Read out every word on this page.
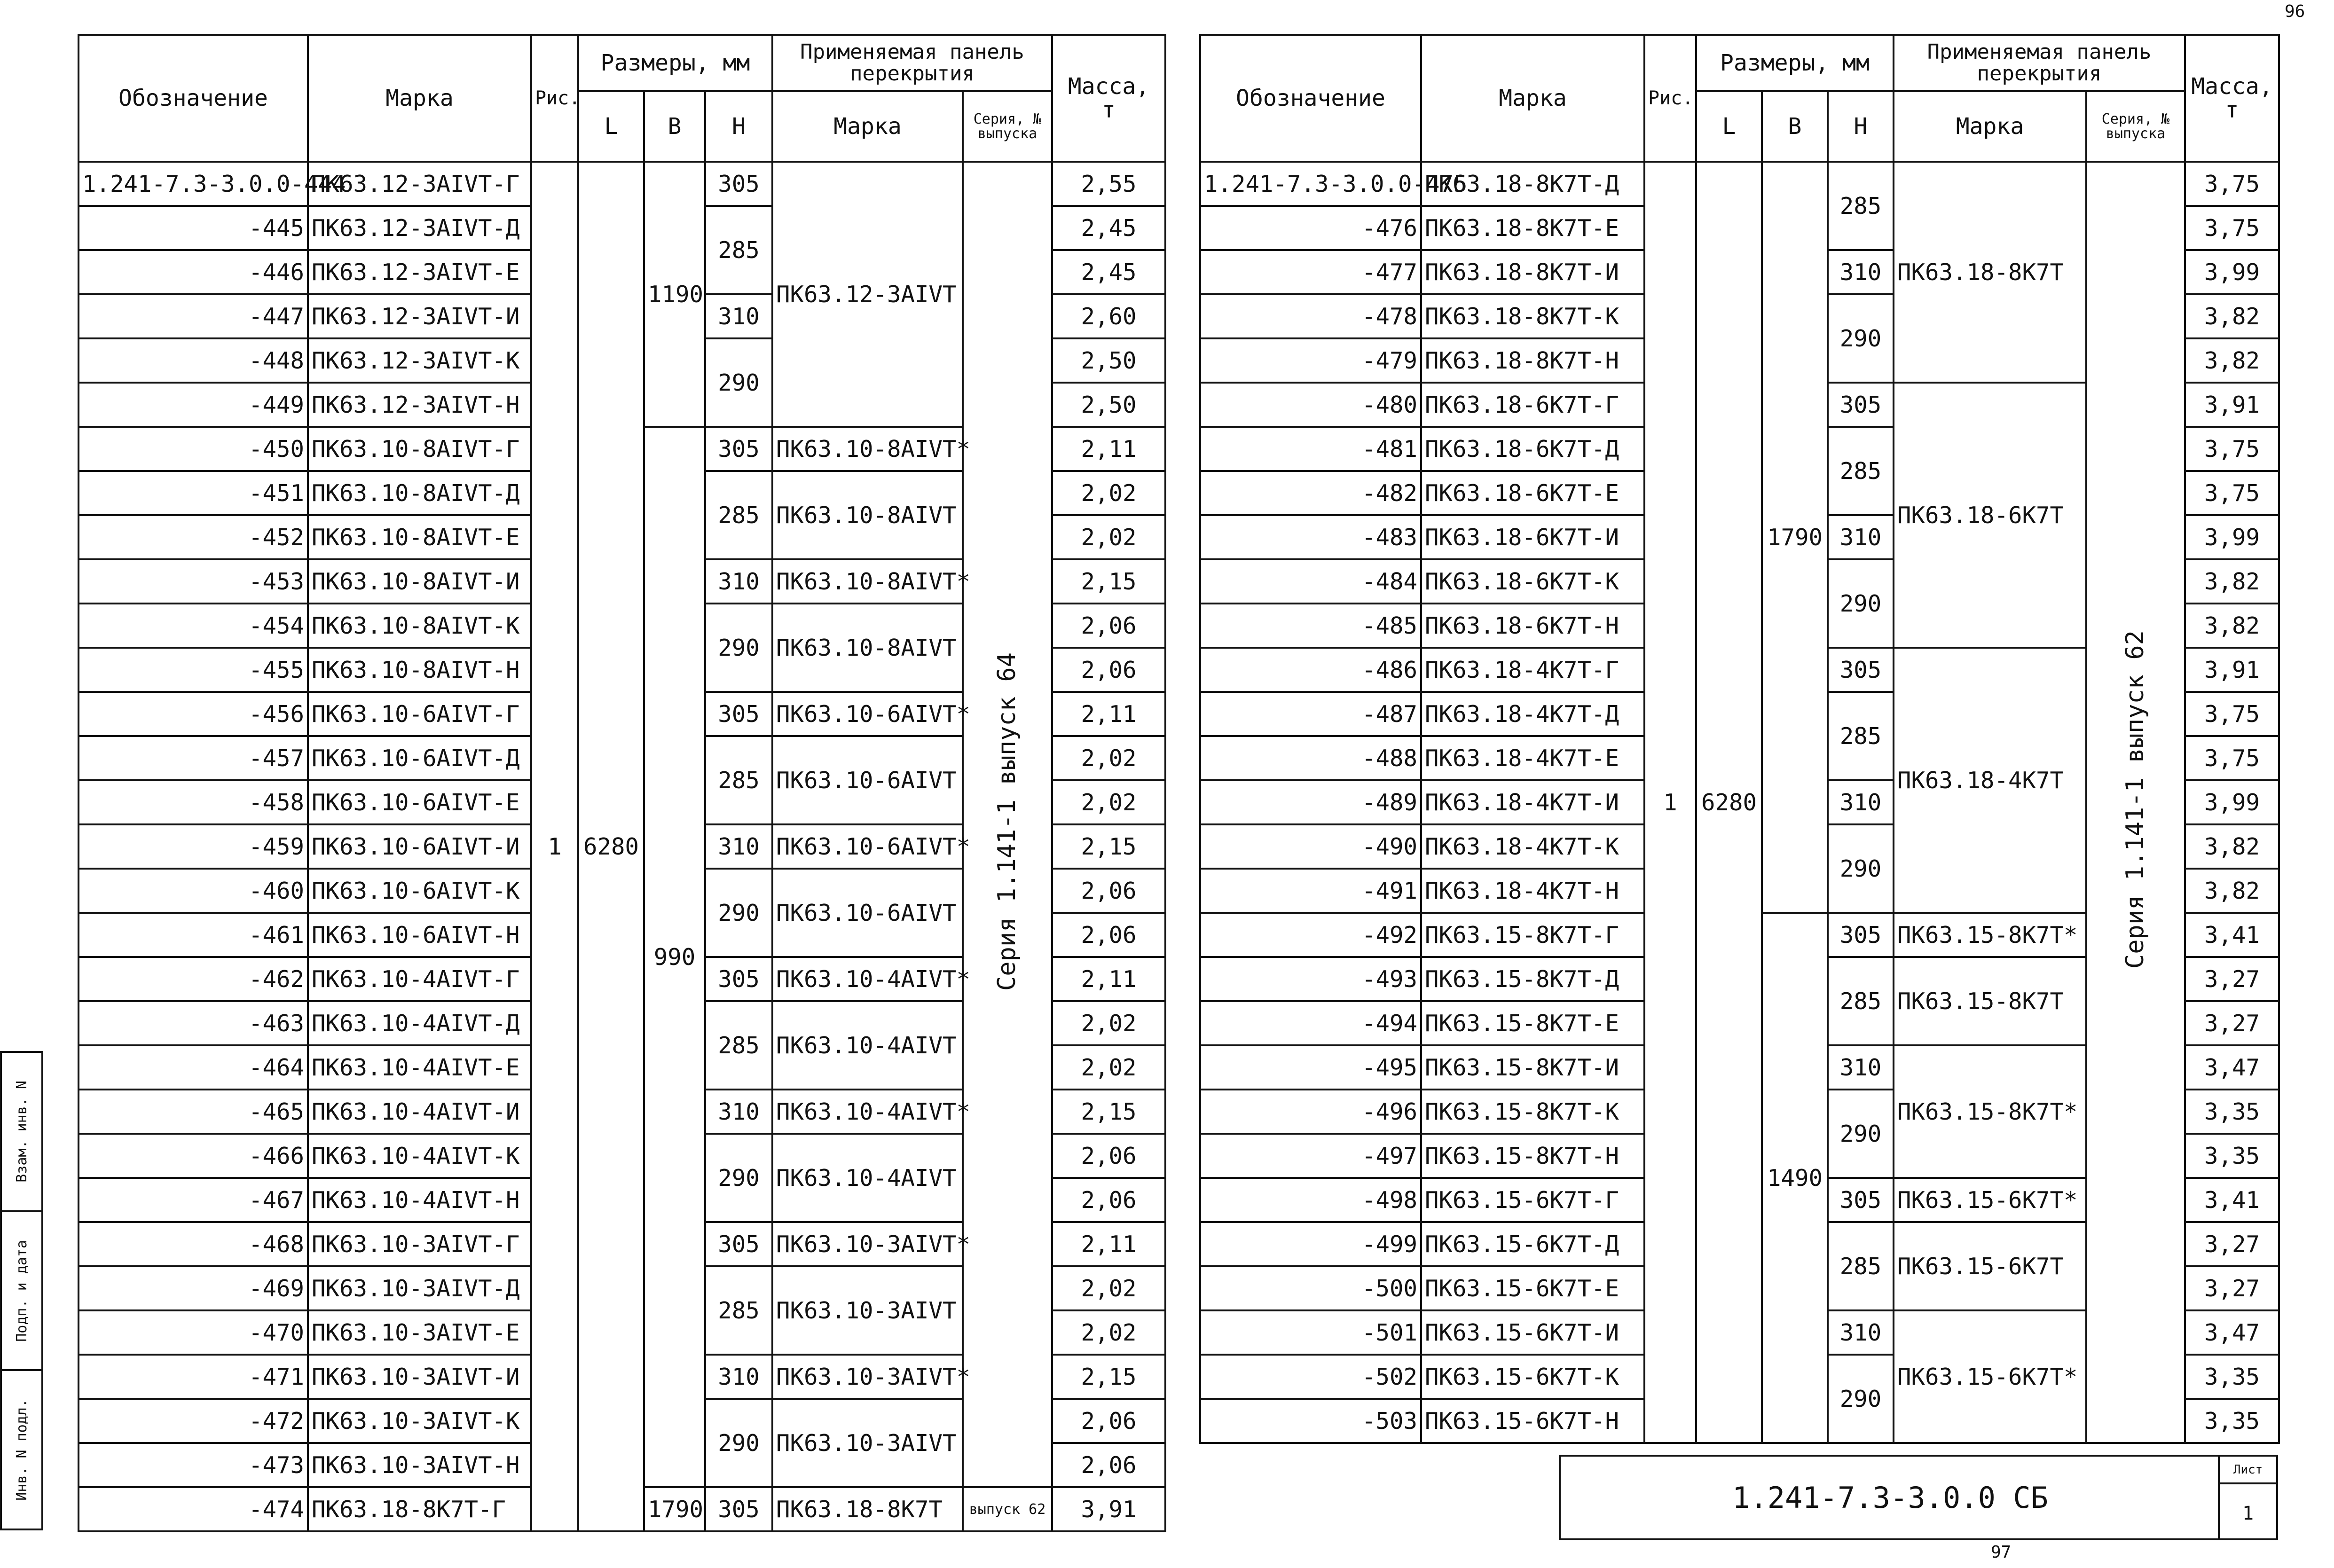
96
97
Обозначение	Марка	Рис.	Размеры, мм			Применяемая панель перекрытия		Масса, т
			L	В	Н	Марка	Серия, № выпуска	
1.241-7.3-3.0.0-444	ПК63.12-3АIVТ-Г	1	6280	1190	305	ПК63.12-3АIVТ	Серия 1.141-1 выпуск 64	2,55
-445	ПК63.12-3АIVТ-Д				285			2,45
-446	ПК63.12-3АIVТ-Е							2,45
-447	ПК63.12-3АIVТ-И				310			2,60
-448	ПК63.12-3АIVТ-К				290			2,50
-449	ПК63.12-3АIVТ-Н							2,50
-450	ПК63.10-8АIVТ-Г			990	305	ПК63.10-8АIVТ*		2,11
-451	ПК63.10-8АIVТ-Д				285	ПК63.10-8АIVТ		2,02
-452	ПК63.10-8АIVТ-Е							2,02
-453	ПК63.10-8АIVТ-И				310	ПК63.10-8АIVТ*		2,15
-454	ПК63.10-8АIVТ-К				290	ПК63.10-8АIVТ		2,06
-455	ПК63.10-8АIVТ-Н							2,06
-456	ПК63.10-6АIVТ-Г				305	ПК63.10-6АIVТ*		2,11
-457	ПК63.10-6АIVТ-Д				285	ПК63.10-6АIVТ		2,02
-458	ПК63.10-6АIVТ-Е							2,02
-459	ПК63.10-6АIVТ-И				310	ПК63.10-6АIVТ*		2,15
-460	ПК63.10-6АIVТ-К				290	ПК63.10-6АIVТ		2,06
-461	ПК63.10-6АIVТ-Н							2,06
-462	ПК63.10-4АIVТ-Г				305	ПК63.10-4АIVТ*		2,11
-463	ПК63.10-4АIVТ-Д				285	ПК63.10-4АIVТ		2,02
-464	ПК63.10-4АIVТ-Е							2,02
-465	ПК63.10-4АIVТ-И				310	ПК63.10-4АIVТ*		2,15
-466	ПК63.10-4АIVТ-К				290	ПК63.10-4АIVТ		2,06
-467	ПК63.10-4АIVТ-Н							2,06
-468	ПК63.10-3АIVТ-Г				305	ПК63.10-3АIVТ*		2,11
-469	ПК63.10-3АIVТ-Д				285	ПК63.10-3АIVТ		2,02
-470	ПК63.10-3АIVТ-Е							2,02
-471	ПК63.10-3АIVТ-И				310	ПК63.10-3АIVТ*		2,15
-472	ПК63.10-3АIVТ-К				290	ПК63.10-3АIVТ		2,06
-473	ПК63.10-3АIVТ-Н							2,06
-474	ПК63.18-8К7Т-Г			1790	305	ПК63.18-8К7Т	выпуск 62	3,91
Обозначение	Марка	Рис.	Размеры, мм			Применяемая панель перекрытия		Масса, т
			L	В	Н	Марка	Серия, № выпуска	
1.241-7.3-3.0.0-475	ПК63.18-8К7Т-Д	1	6280	1790	285	ПК63.18-8К7Т	Серия 1.141-1 выпуск 62	3,75
-476	ПК63.18-8К7Т-Е							3,75
-477	ПК63.18-8К7Т-И				310			3,99
-478	ПК63.18-8К7Т-К				290			3,82
-479	ПК63.18-8К7Т-Н							3,82
-480	ПК63.18-6К7Т-Г				305	ПК63.18-6К7Т		3,91
-481	ПК63.18-6К7Т-Д				285			3,75
-482	ПК63.18-6К7Т-Е							3,75
-483	ПК63.18-6К7Т-И				310			3,99
-484	ПК63.18-6К7Т-К				290			3,82
-485	ПК63.18-6К7Т-Н							3,82
-486	ПК63.18-4К7Т-Г				305	ПК63.18-4К7Т		3,91
-487	ПК63.18-4К7Т-Д				285			3,75
-488	ПК63.18-4К7Т-Е							3,75
-489	ПК63.18-4К7Т-И				310			3,99
-490	ПК63.18-4К7Т-К				290			3,82
-491	ПК63.18-4К7Т-Н							3,82
-492	ПК63.15-8К7Т-Г			1490	305	ПК63.15-8К7Т*		3,41
-493	ПК63.15-8К7Т-Д				285	ПК63.15-8К7Т		3,27
-494	ПК63.15-8К7Т-Е							3,27
-495	ПК63.15-8К7Т-И				310	ПК63.15-8К7Т*		3,47
-496	ПК63.15-8К7Т-К				290			3,35
-497	ПК63.15-8К7Т-Н							3,35
-498	ПК63.15-6К7Т-Г				305	ПК63.15-6К7Т*		3,41
-499	ПК63.15-6К7Т-Д				285	ПК63.15-6К7Т		3,27
-500	ПК63.15-6К7Т-Е							3,27
-501	ПК63.15-6К7Т-И				310	ПК63.15-6К7Т*		3,47
-502	ПК63.15-6К7Т-К				290			3,35
-503	ПК63.15-6К7Т-Н							3,35
1.241-7.3-3.0.0 СБ
Лист
1
Взам. инв. N
Подп. и дата
Инв. N подл.
